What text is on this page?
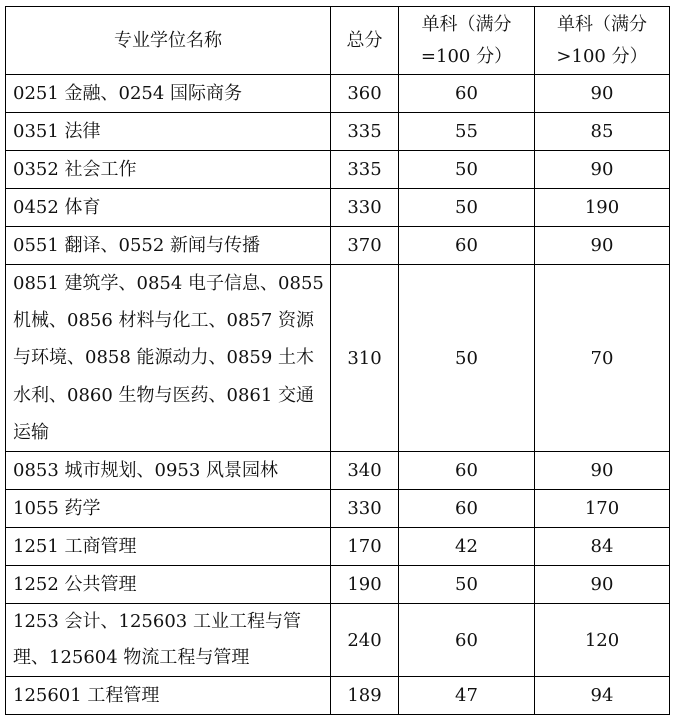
专业学位名称	总分	单科（满分=100 分）	单科（满分>100 分）
0251 金融、0254 国际商务	360	60	90
0351 法律	335	55	85
0352 社会工作	335	50	90
0452 体育	330	50	190
0551 翻译、0552 新闻与传播	370	60	90
0851 建筑学、0854 电子信息、0855 机械、0856 材料与化工、0857 资源与环境、0858 能源动力、0859 土木水利、0860 生物与医药、0861 交通运输	310	50	70
0853 城市规划、0953 风景园林	340	60	90
1055 药学	330	60	170
1251 工商管理	170	42	84
1252 公共管理	190	50	90
1253 会计、125603 工业工程与管理、125604 物流工程与管理	240	60	120
125601 工程管理	189	47	94
